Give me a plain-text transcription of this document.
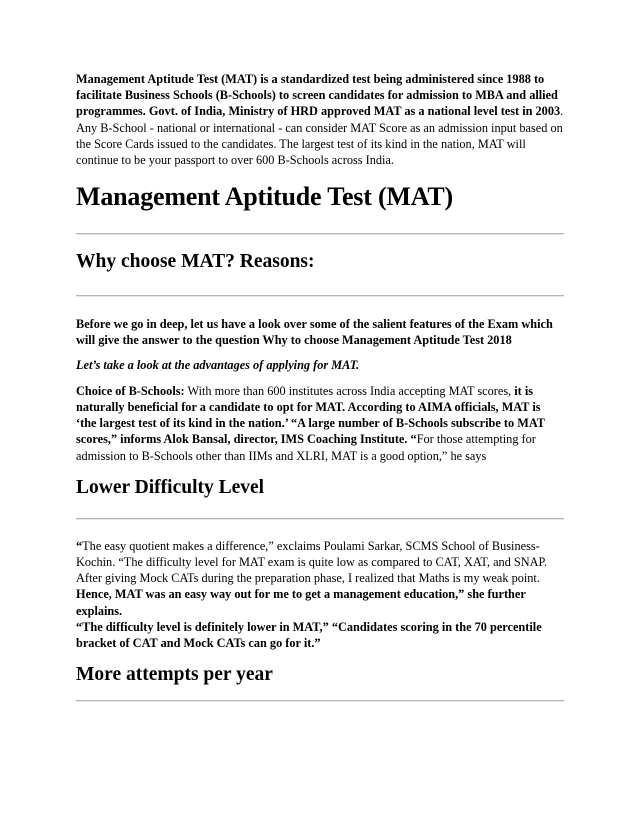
Management Aptitude Test (MAT) is a standardized test being administered since 1988 to facilitate Business Schools (B-Schools) to screen candidates for admission to MBA and allied programmes. Govt. of India, Ministry of HRD approved MAT as a national level test in 2003. Any B-School - national or international - can consider MAT Score as an admission input based on the Score Cards issued to the candidates. The largest test of its kind in the nation, MAT will continue to be your passport to over 600 B-Schools across India.

Management Aptitude Test (MAT)
Why choose MAT? Reasons:

Before we go in deep, let us have a look over some of the salient features of the Exam which will give the answer to the question Why to choose Management Aptitude Test 2018

Let’s take a look at the advantages of applying for MAT.

Choice of B-Schools: With more than 600 institutes across India accepting MAT scores, it is naturally beneficial for a candidate to opt for MAT. According to AIMA officials, MAT is ‘the largest test of its kind in the nation.’ “A large number of B-Schools subscribe to MAT scores,” informs Alok Bansal, director, IMS Coaching Institute. “For those attempting for admission to B-Schools other than IIMs and XLRI, MAT is a good option,” he says

Lower Difficulty Level

“The easy quotient makes a difference,” exclaims Poulami Sarkar, SCMS School of Business-Kochin. “The difficulty level for MAT exam is quite low as compared to CAT, XAT, and SNAP. After giving Mock CATs during the preparation phase, I realized that Maths is my weak point. Hence, MAT was an easy way out for me to get a management education,” she further explains.

“The difficulty level is definitely lower in MAT,” “Candidates scoring in the 70 percentile bracket of CAT and Mock CATs can go for it.”

More attempts per year
